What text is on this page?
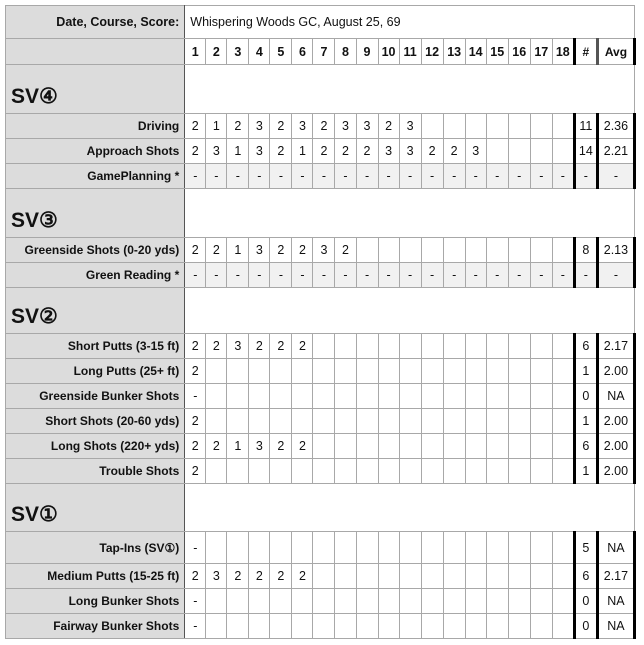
Date, Course, Score:	Whispering Woods GC, August 25, 69																			
	1	2	3	4	5	6	7	8	9	10	11	12	13	14	15	16	17	18	#	Avg
SV④																				
Driving	2	1	2	3	2	3	2	3	3	2	3								11	2.36
Approach Shots	2	3	1	3	2	1	2	2	2	3	3	2	2	3					14	2.21
GamePlanning *	-	-	-	-	-	-	-	-	-	-	-	-	-	-	-	-	-	-	-	-
SV③																				
Greenside Shots (0-20 yds)	2	2	1	3	2	2	3	2											8	2.13
Green Reading *	-	-	-	-	-	-	-	-	-	-	-	-	-	-	-	-	-	-	-	-
SV②																				
Short Putts (3-15 ft)	2	2	3	2	2	2													6	2.17
Long Putts (25+ ft)	2																		1	2.00
Greenside Bunker Shots	-																		0	NA
Short Shots (20-60 yds)	2																		1	2.00
Long Shots (220+ yds)	2	2	1	3	2	2													6	2.00
Trouble Shots	2																		1	2.00
SV①																				
Tap-Ins (SV①)	-																		5	NA
Medium Putts (15-25 ft)	2	3	2	2	2	2													6	2.17
Long Bunker Shots	-																		0	NA
Fairway Bunker Shots	-																		0	NA
